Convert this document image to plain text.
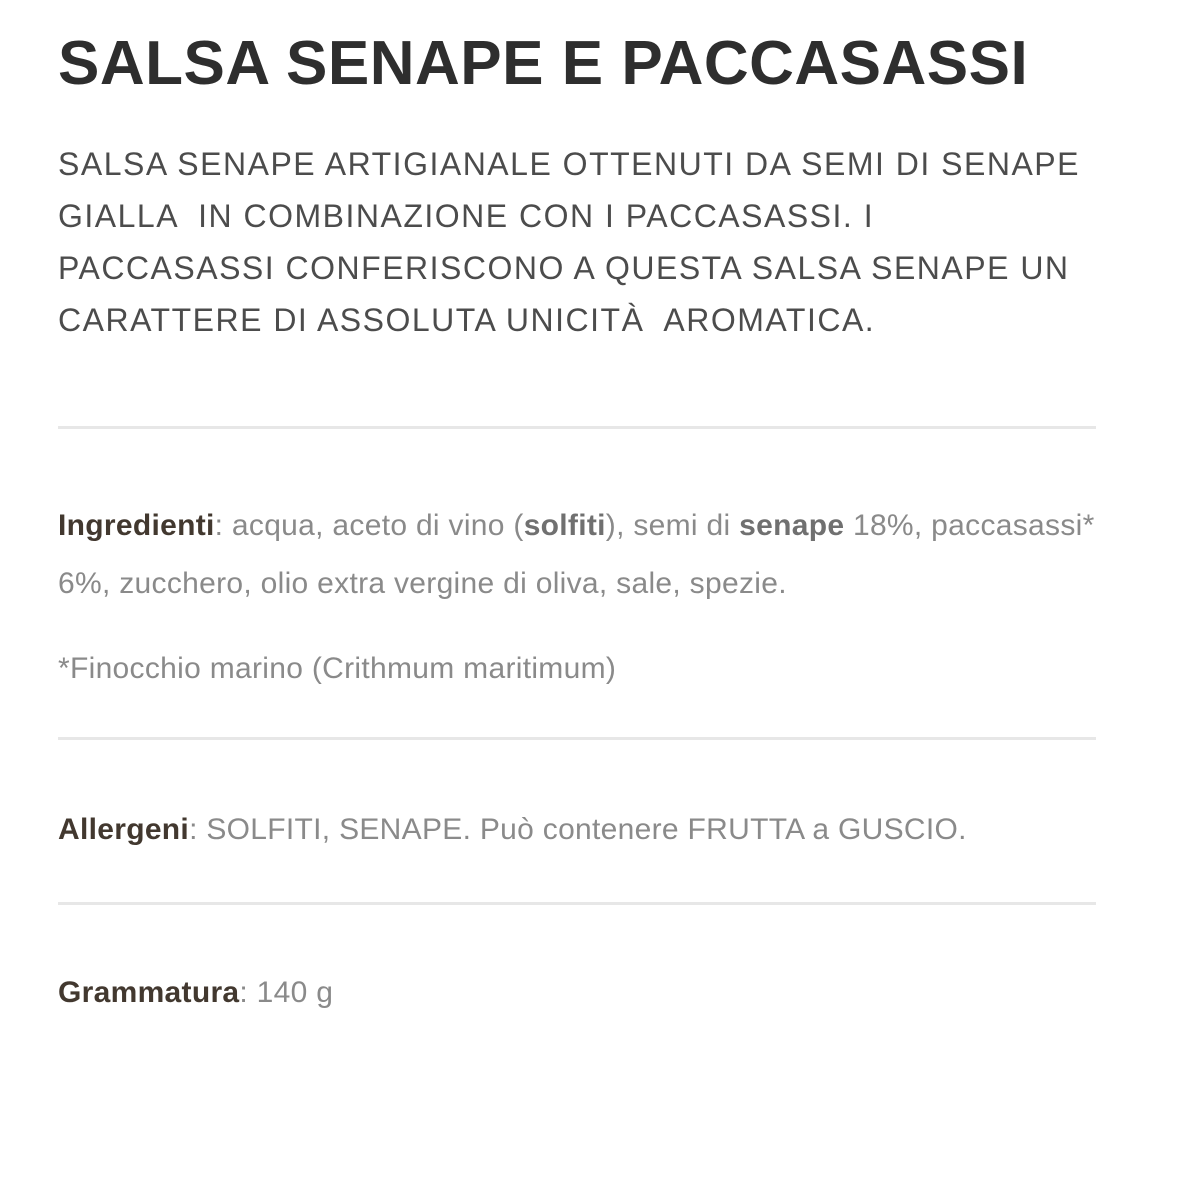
SALSA SENAPE E PACCASASSI

SALSA SENAPE ARTIGIANALE OTTENUTI DA SEMI DI SENAPE GIALLA  IN COMBINAZIONE CON I PACCASASSI. I PACCASASSI CONFERISCONO A QUESTA SALSA SENAPE UN CARATTERE DI ASSOLUTA UNICITÀ  AROMATICA.

Ingredienti: acqua, aceto di vino (solfiti), semi di senape 18%, paccasassi* 6%, zucchero, olio extra vergine di oliva, sale, spezie.

*Finocchio marino (Crithmum maritimum)

Allergeni: SOLFITI, SENAPE. Può contenere FRUTTA a GUSCIO.

Grammatura: 140 g
